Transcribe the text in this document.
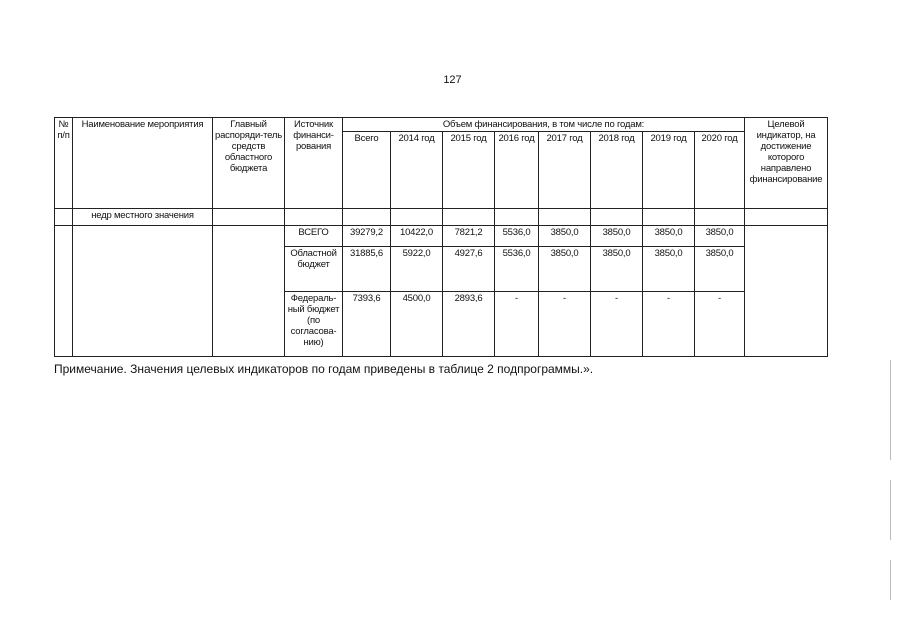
127
№ п/п	Наименование мероприятия	Главный распоряди-тель средств областного бюджета	Источник финанси-рования	Объем финансирования, в том числе по годам:								Целевой индикатор, на достижение которого направлено финансирование
				Всего	2014 год	2015 год	2016 год	2017 год	2018 год	2019 год	2020 год	
	недр местного значения											
			ВСЕГО	39279,2	10422,0	7821,2	5536,0	3850,0	3850,0	3850,0	3850,0	
			Областной бюджет	31885,6	5922,0	4927,6	5536,0	3850,0	3850,0	3850,0	3850,0	
			Федераль-ный бюджет (по согласова-нию)	7393,6	4500,0	2893,6	-	-	-	-	-	
Примечание. Значения целевых индикаторов по годам приведены в таблице 2 подпрограммы.».
